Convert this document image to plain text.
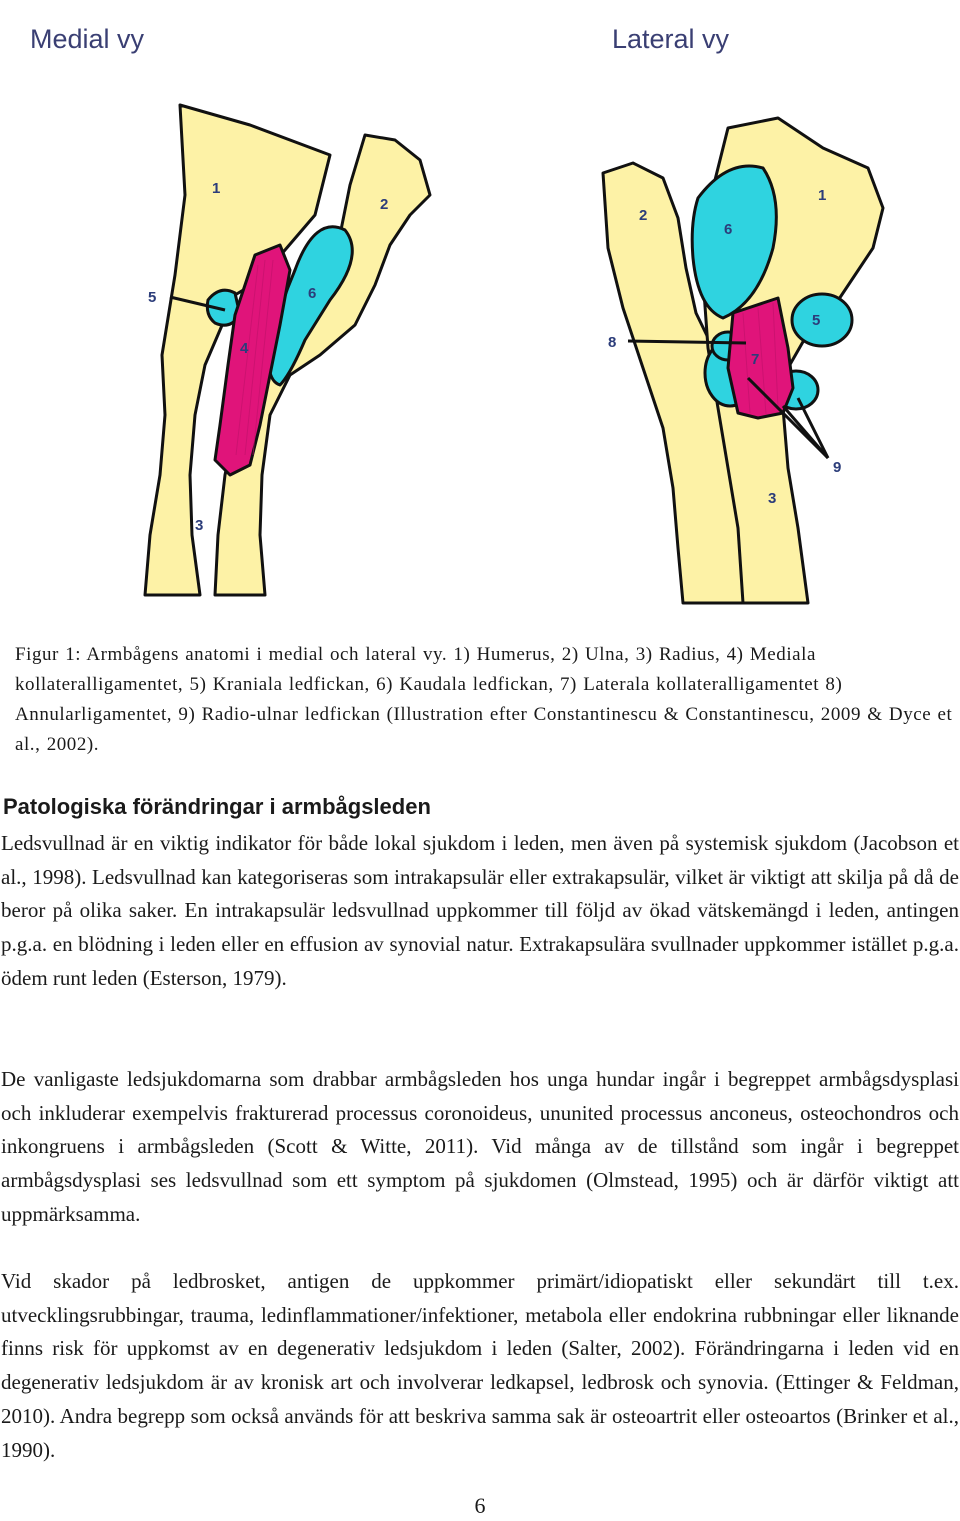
Medial vy	Lateral vy
1
2
3
4
5	6
1
2
3
5
6
7
8
9

Figur 1: Armbågens anatomi i medial och lateral vy. 1) Humerus, 2) Ulna, 3) Radius, 4) Mediala kollateralligamentet, 5) Kraniala ledfickan, 6) Kaudala ledfickan, 7) Laterala kollateralligamentet 8) Annularligamentet, 9) Radio-ulnar ledfickan (Illustration efter Constantinescu & Constantinescu, 2009 & Dyce et al., 2002).

Patologiska förändringar i armbågsleden

Ledsvullnad är en viktig indikator för både lokal sjukdom i leden, men även på systemisk sjukdom (Jacobson et al., 1998). Ledsvullnad kan kategoriseras som intrakapsulär eller extrakapsulär, vilket är viktigt att skilja på då de beror på olika saker. En intrakapsulär ledsvullnad uppkommer till följd av ökad vätskemängd i leden, antingen p.g.a. en blödning i leden eller en effusion av synovial natur. Extrakapsulära svullnader uppkommer istället p.g.a. ödem runt leden (Esterson, 1979).

De vanligaste ledsjukdomarna som drabbar armbågsleden hos unga hundar ingår i begreppet armbågsdysplasi och inkluderar exempelvis frakturerad processus coronoideus, ununited processus anconeus, osteochondros och inkongruens i armbågsleden (Scott & Witte, 2011). Vid många av de tillstånd som ingår i begreppet armbågsdysplasi ses ledsvullnad som ett symptom på sjukdomen (Olmstead, 1995) och är därför viktigt att uppmärksamma.

Vid skador på ledbrosket, antigen de uppkommer primärt/idiopatiskt eller sekundärt till t.ex. utvecklingsrubbingar, trauma, ledinflammationer/infektioner, metabola eller endokrina rubbningar eller liknande finns risk för uppkomst av en degenerativ ledsjukdom i leden (Salter, 2002). Förändringarna i leden vid en degenerativ ledsjukdom är av kronisk art och involverar ledkapsel, ledbrosk och synovia. (Ettinger & Feldman, 2010). Andra begrepp som också används för att beskriva samma sak är osteoartrit eller osteoartos (Brinker et al., 1990).

6
